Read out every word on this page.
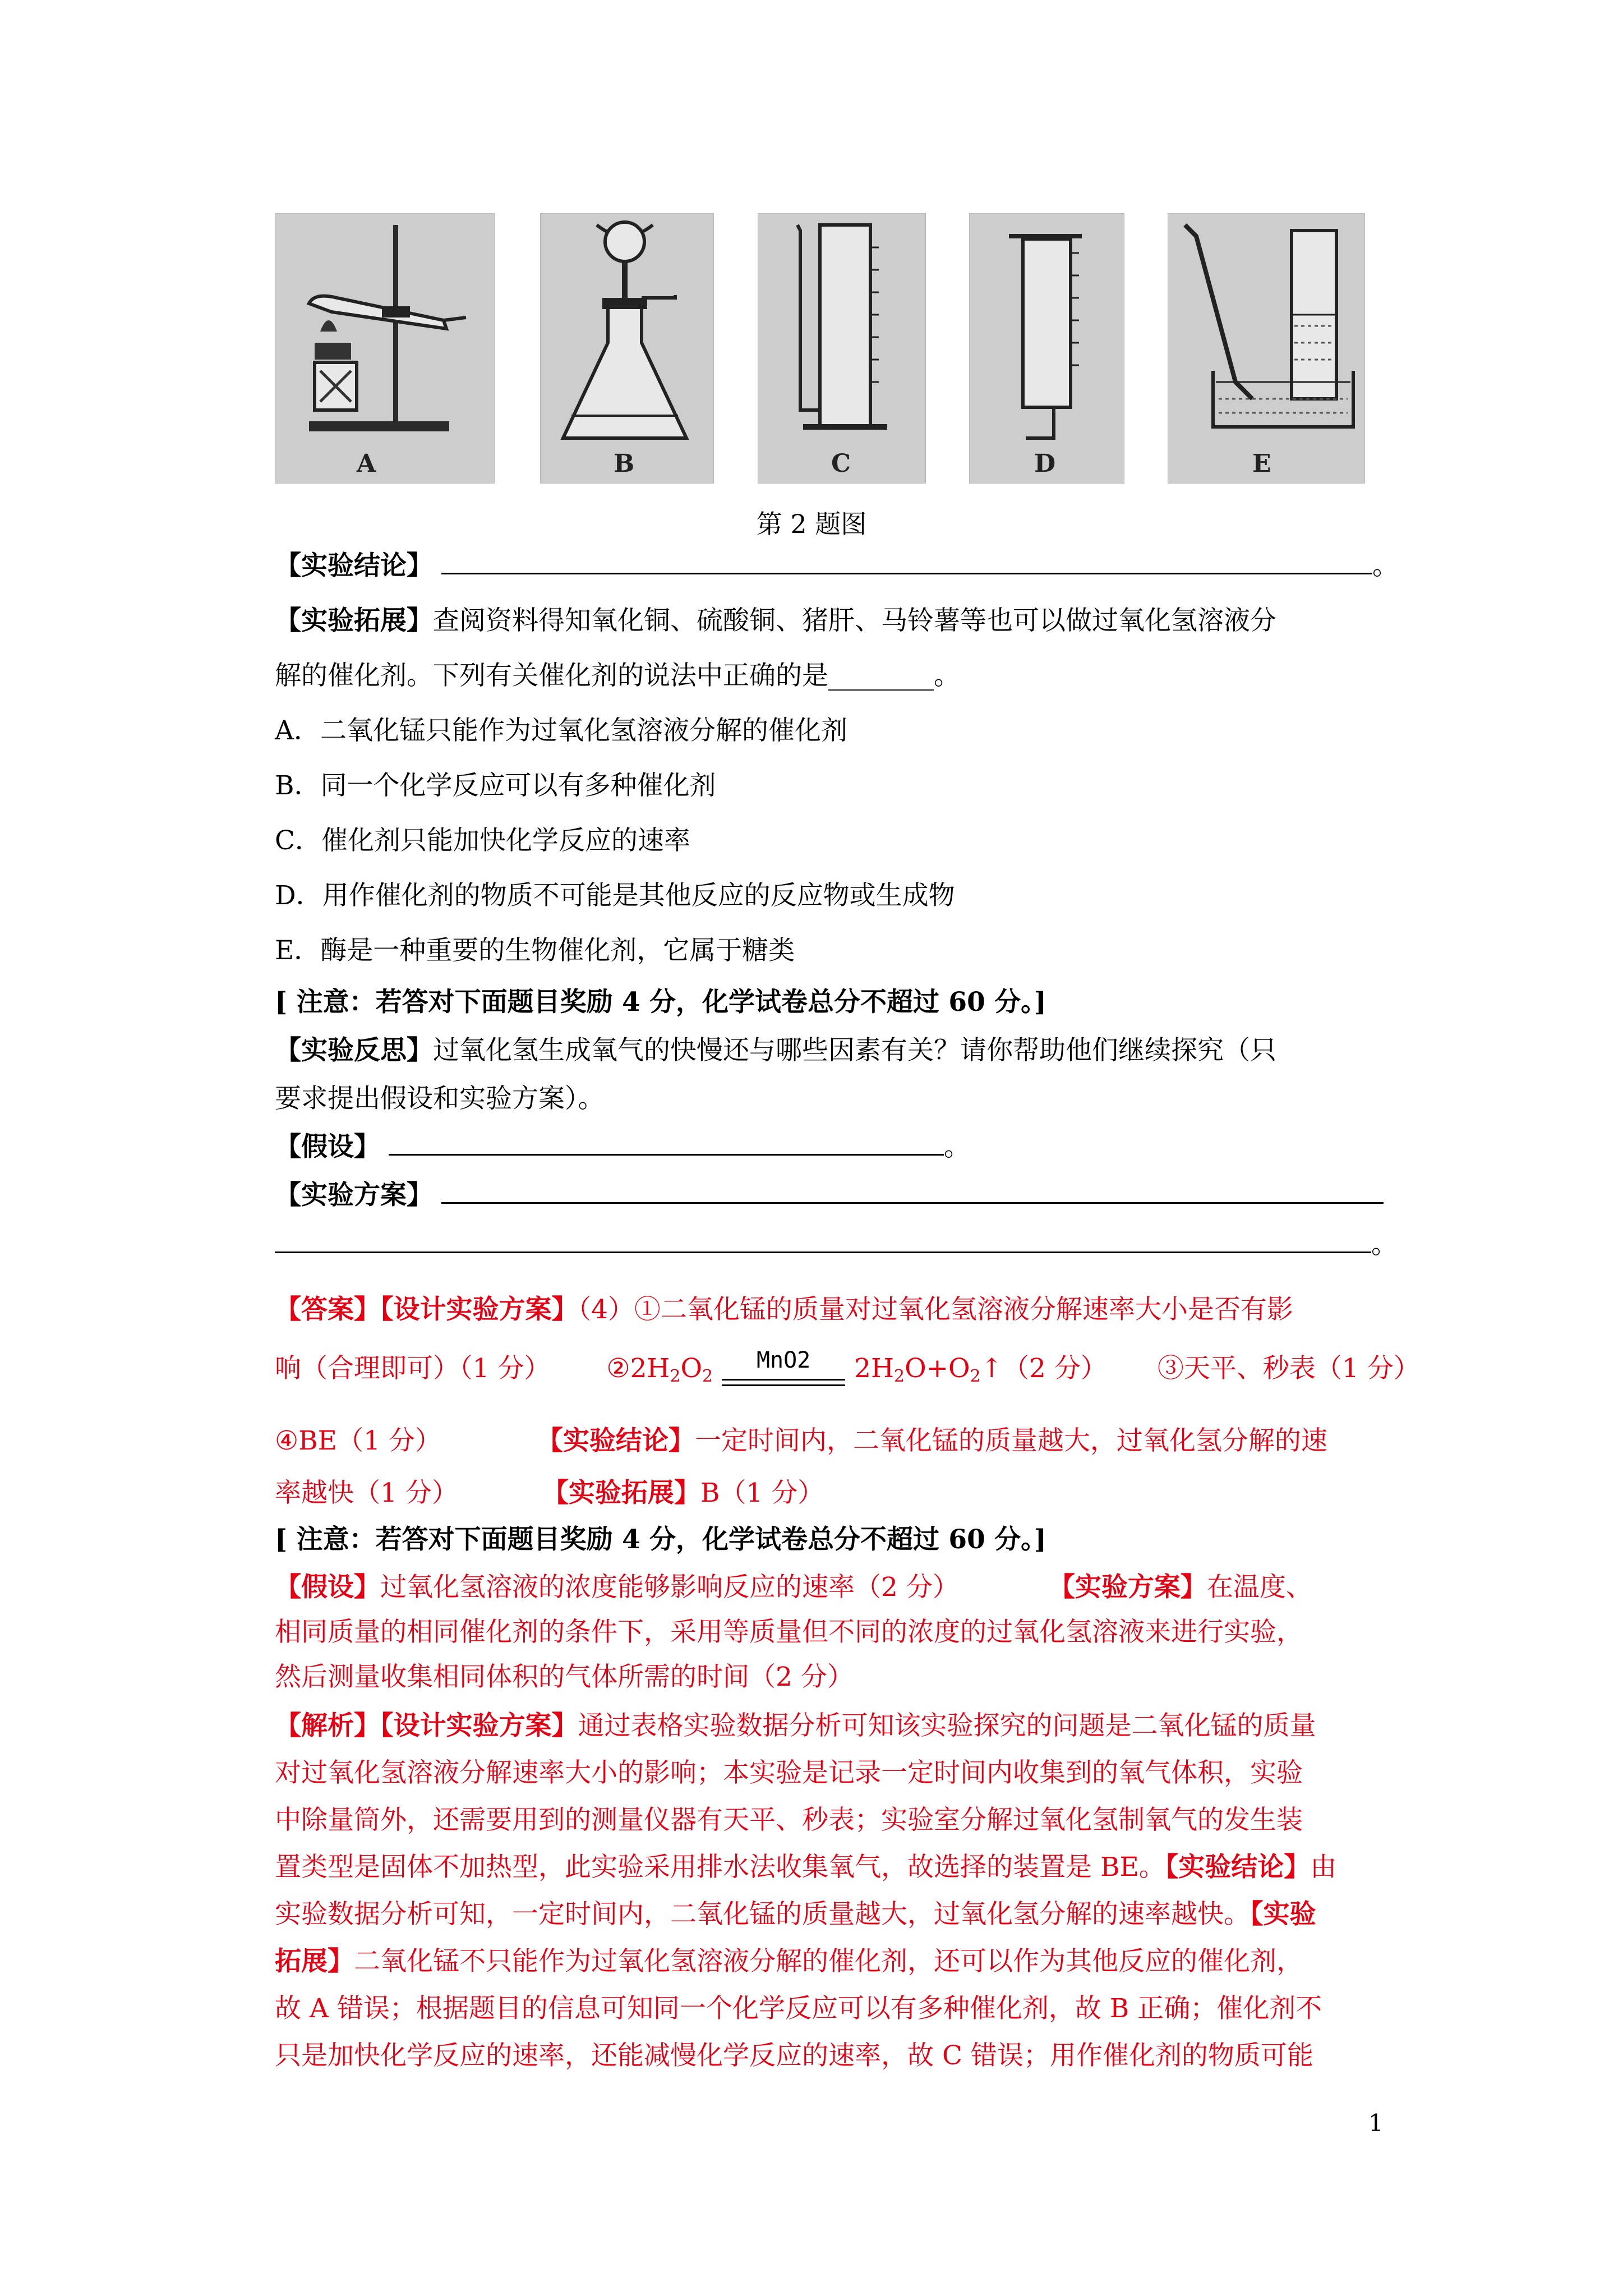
A	B	C	D	E
第 2 题图
【实验结论】	。
【实验拓展】查阅资料得知氧化铜、硫酸铜、猪肝、马铃薯等也可以做过氧化氢溶液分
解的催化剂。下列有关催化剂的说法中正确的是________。
A．二氧化锰只能作为过氧化氢溶液分解的催化剂
B．同一个化学反应可以有多种催化剂
C．催化剂只能加快化学反应的速率
D．用作催化剂的物质不可能是其他反应的反应物或生成物
E．酶是一种重要的生物催化剂，它属于糖类
[ 注意：若答对下面题目奖励 4 分，化学试卷总分不超过 60 分。]
【实验反思】过氧化氢生成氧气的快慢还与哪些因素有关？请你帮助他们继续探究（只
要求提出假设和实验方案）。
【假设】	。
【实验方案】
。
【答案】【设计实验方案】（4）①二氧化锰的质量对过氧化氢溶液分解速率大小是否有影
响（合理即可）（1 分） $②2H_2O_2$
MnO2	$2H_2O+O_2↑(2$ 分） ③天平、秒表（1 分）
④BE（1 分）	【实验结论】一定时间内，二氧化锰的质量越大，过氧化氢分解的速
率越快（1 分）	【实验拓展】B（1 分）
[ 注意：若答对下面题目奖励 4 分，化学试卷总分不超过 60 分。]
【假设】过氧化氢溶液的浓度能够影响反应的速率（2 分）	【实验方案】在温度、
相同质量的相同催化剂的条件下，采用等质量但不同的浓度的过氧化氢溶液来进行实验，
然后测量收集相同体积的气体所需的时间（2 分）
【解析】【设计实验方案】通过表格实验数据分析可知该实验探究的问题是二氧化锰的质量
对过氧化氢溶液分解速率大小的影响；本实验是记录一定时间内收集到的氧气体积，实验
中除量筒外，还需要用到的测量仪器有天平、秒表；实验室分解过氧化氢制氧气的发生装
置类型是固体不加热型，此实验采用排水法收集氧气，故选择的装置是 BE。【实验结论】由
实验数据分析可知，一定时间内，二氧化锰的质量越大，过氧化氢分解的速率越快。【实验
拓展】二氧化锰不只能作为过氧化氢溶液分解的催化剂，还可以作为其他反应的催化剂，
故 A 错误；根据题目的信息可知同一个化学反应可以有多种催化剂，故 B 正确；催化剂不
只是加快化学反应的速率，还能减慢化学反应的速率，故 C 错误；用作催化剂的物质可能
1
